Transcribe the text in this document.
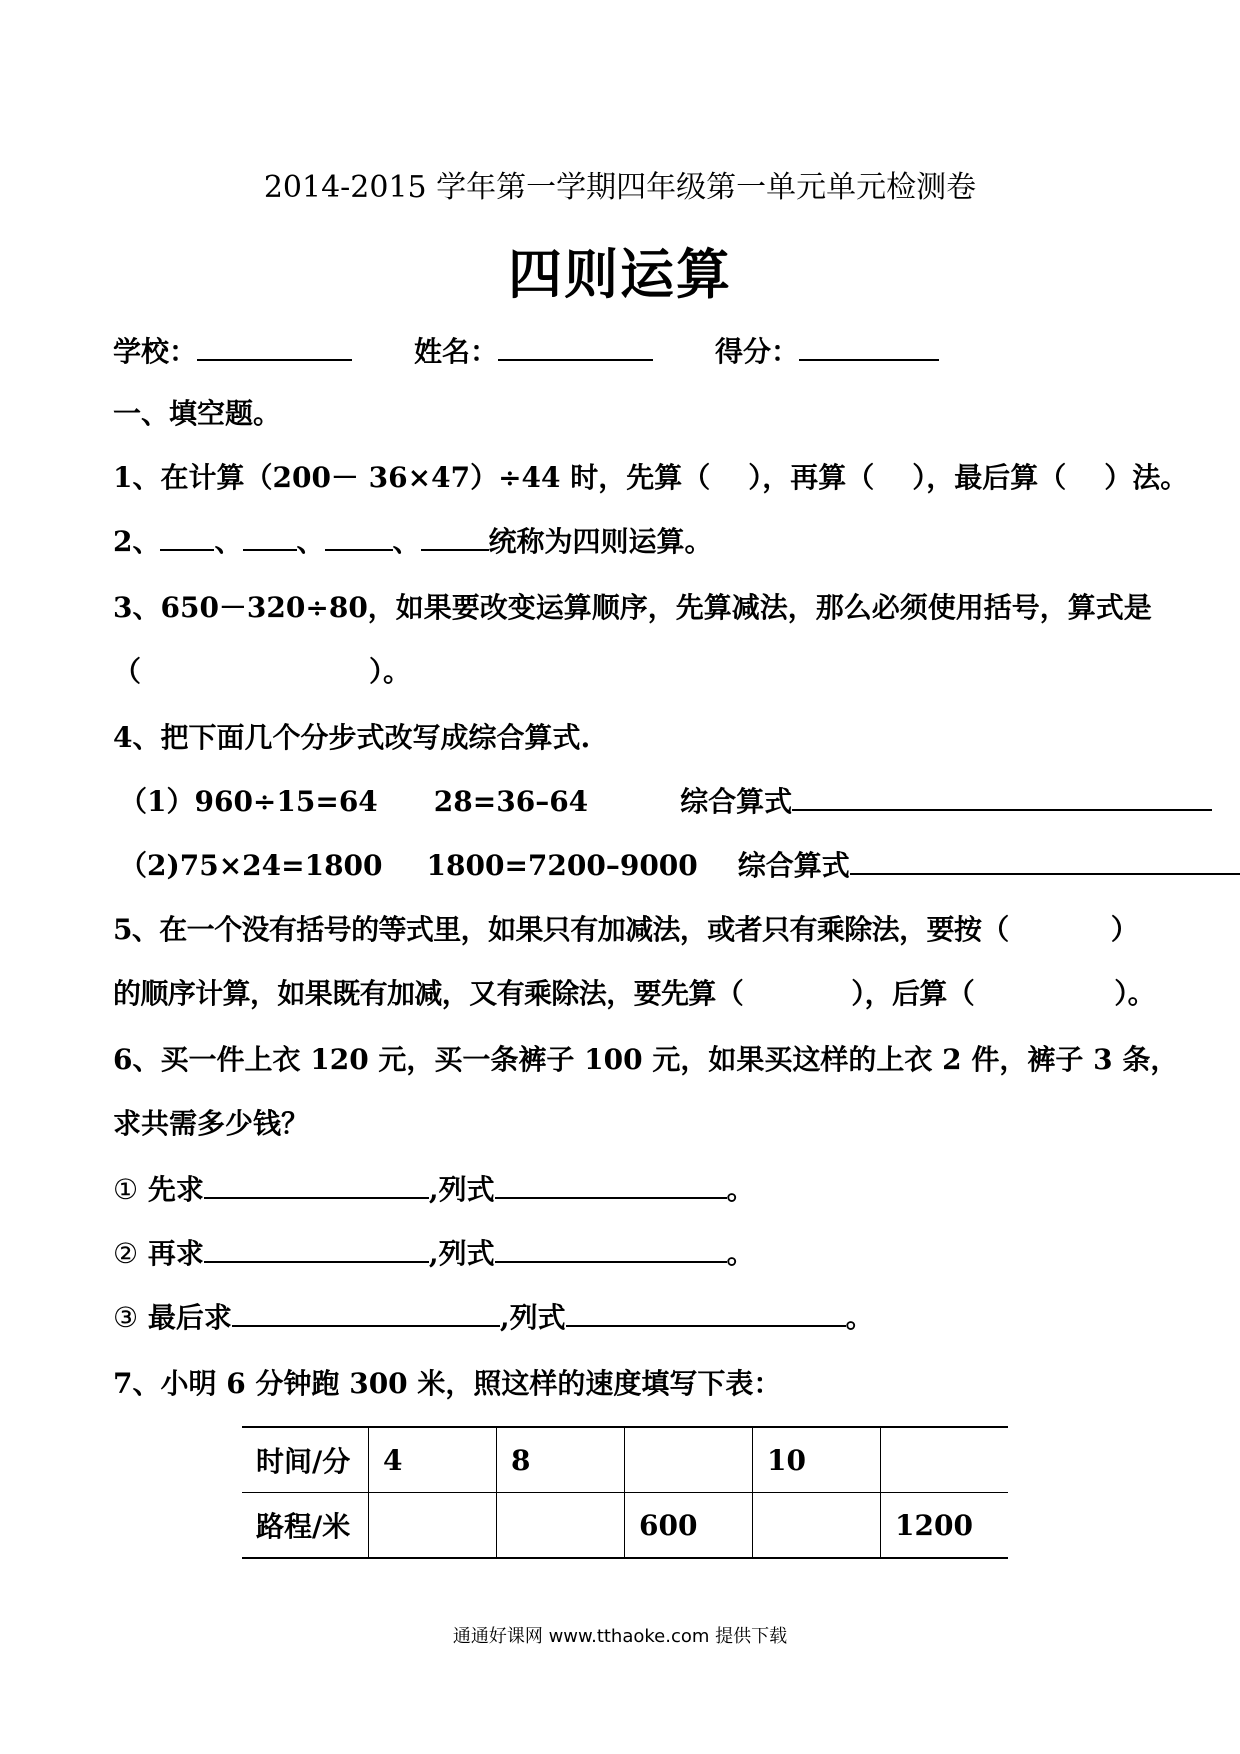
2014-2015 学年第一学期四年级第一单元单元检测卷
四则运算
学校：	姓名：	得分：
一、填空题。
1、在计算（200－ 36×47）÷44 时，先算（ ），再算（ ），最后算（ ）法。
2、 、 、 、 统称为四则运算。
3、650－320÷80，如果要改变运算顺序，先算减法，那么必须使用括号，算式是
（	）。
4、把下面几个分步式改写成综合算式.
（1）960÷15=64 28=36–64	综合算式
（2)75×24=1800 1800=7200–9000 综合算式
5、在一个没有括号的等式里，如果只有加减法，或者只有乘除法，要按（	）
的顺序计算，如果既有加减，又有乘除法，要先算（	），后算（	）。
6、买一件上衣 120 元，买一条裤子 100 元，如果买这样的上衣 2 件，裤子 3 条，
求共需多少钱？
① 先求	,列式	。
② 再求	,列式	。
③ 最后求	,列式	。
7、小明 6 分钟跑 300 米，照这样的速度填写下表：
时间/分	4	8		10	
路程/米			600		1200
通通好课网 www.tthaoke.com 提供下载
